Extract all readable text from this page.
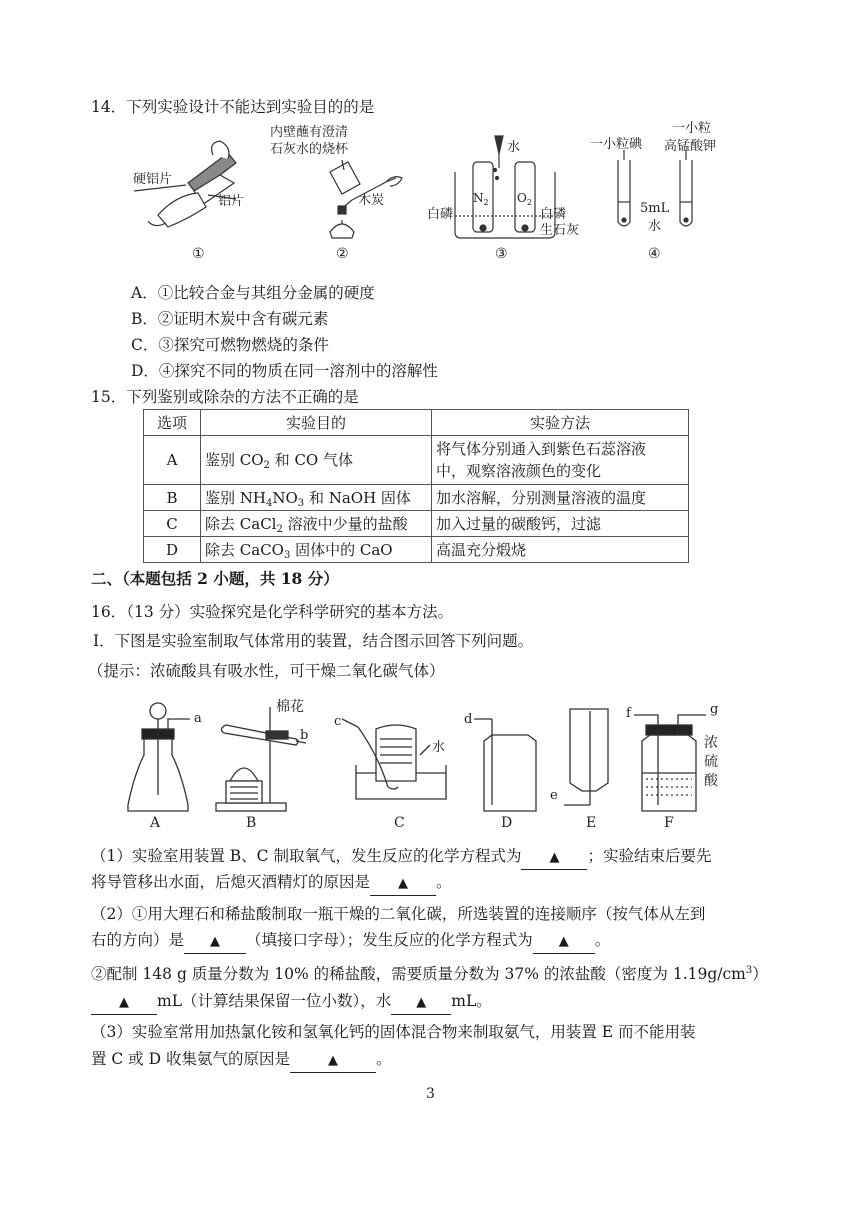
14．下列实验设计不能达到实验目的的是
硬铝片
铝片
①
内壁蘸有澄清
石灰水的烧杯
木炭
②
水
$N_2$ $O_2$
白磷	白磷
生石灰
③
一小粒碘
一小粒
高锰酸钾
5mL
水
④
A．①比较合金与其组分金属的硬度
B．②证明木炭中含有碳元素
C．③探究可燃物燃烧的条件
D．④探究不同的物质在同一溶剂中的溶解性
15．下列鉴别或除杂的方法不正确的是
选项	实验目的	实验方法
A	鉴别 $CO_2$ 和 CO 气体	将气体分别通入到紫色石蕊溶液
中，观察溶液颜色的变化
B	鉴别 $NH_4NO_3$ 和 NaOH 固体	加水溶解，分别测量溶液的温度
C	除去 CaCl$_2$ 溶液中少量的盐酸	加入过量的碳酸钙，过滤
D	除去 CaCO$_3$ 固体中的 CaO	高温充分煅烧
二、（本题包括 2 小题，共 18 分）
16．（13 分）实验探究是化学科学研究的基本方法。
Ⅰ．下图是实验室制取气体常用的装置，结合图示回答下列问题。
（提示：浓硫酸具有吸水性，可干燥二氧化碳气体）
a
A
棉花
b
B
c
水
C
d
D
e
E
f	g
浓
硫
酸
F
（1）实验室用装置 B、C 制取氧气，发生反应的化学方程式为 ▲ ；实验结束后要先
将导管移出水面，后熄灭酒精灯的原因是 ▲ 。
（2）①用大理石和稀盐酸制取一瓶干燥的二氧化碳，所选装置的连接顺序（按气体从左到
右的方向）是 ▲ （填接口字母）；发生反应的化学方程式为 ▲ 。
②配制 148 g 质量分数为 10% 的稀盐酸，需要质量分数为 37% 的浓盐酸（密度为 $1.19g/cm^3$）
▲ mL（计算结果保留一位小数），水 ▲ mL。
（3）实验室常用加热氯化铵和氢氧化钙的固体混合物来制取氨气，用装置 E 而不能用装
置 C 或 D 收集氨气的原因是	▲ 。
3
